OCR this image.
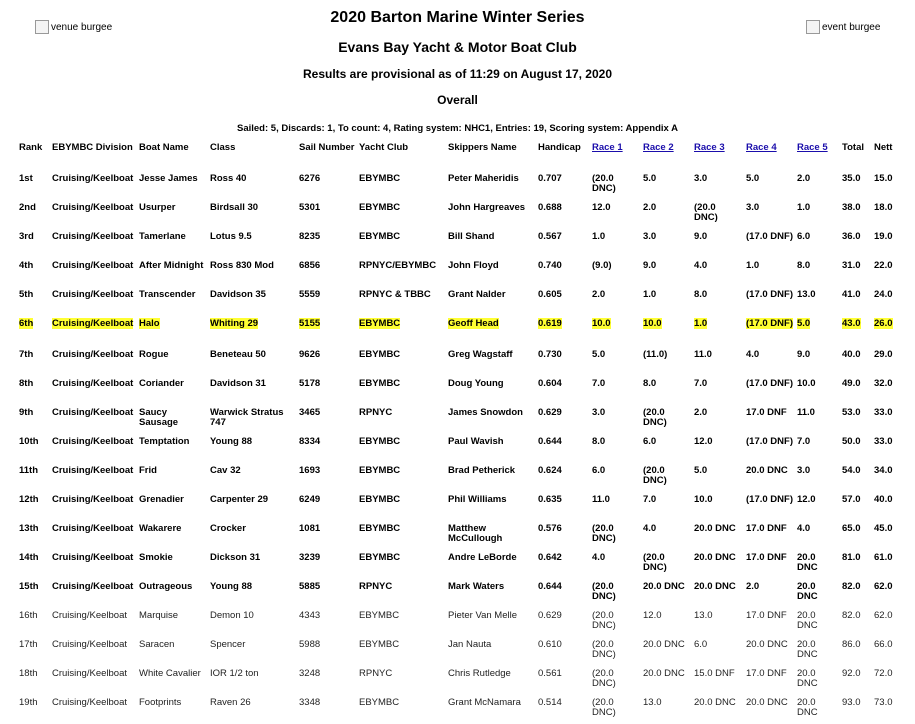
venue burgee	event burgee
2020 Barton Marine Winter Series
Evans Bay Yacht & Motor Boat Club
Results are provisional as of 11:29 on August 17, 2020
Overall
Sailed: 5, Discards: 1, To count: 4, Rating system: NHC1, Entries: 19, Scoring system: Appendix A
Rank	EBYMBC Division	Boat Name	Class	Sail Number	Yacht Club	Skippers Name	Handicap	Race 1	Race 2	Race 3	Race 4	Race 5	Total	Nett
1st	Cruising/Keelboat	Jesse James	Ross 40	6276	EBYMBC	Peter Maheridis	0.707	(20.0 DNC)	5.0	3.0	5.0	2.0	35.0	15.0
2nd	Cruising/Keelboat	Usurper	Birdsall 30	5301	EBYMBC	John Hargreaves	0.688	12.0	2.0	(20.0 DNC)	3.0	1.0	38.0	18.0
3rd	Cruising/Keelboat	Tamerlane	Lotus 9.5	8235	EBYMBC	Bill Shand	0.567	1.0	3.0	9.0	(17.0 DNF)	6.0	36.0	19.0
4th	Cruising/Keelboat	After Midnight	Ross 830 Mod	6856	RPNYC/EBYMBC	John Floyd	0.740	(9.0)	9.0	4.0	1.0	8.0	31.0	22.0
5th	Cruising/Keelboat	Transcender	Davidson 35	5559	RPNYC & TBBC	Grant Nalder	0.605	2.0	1.0	8.0	(17.0 DNF)	13.0	41.0	24.0
6th	Cruising/Keelboat	Halo	Whiting 29	5155	EBYMBC	Geoff Head	0.619	10.0	10.0	1.0	(17.0 DNF)	5.0	43.0	26.0
7th	Cruising/Keelboat	Rogue	Beneteau 50	9626	EBYMBC	Greg Wagstaff	0.730	5.0	(11.0)	11.0	4.0	9.0	40.0	29.0
8th	Cruising/Keelboat	Coriander	Davidson 31	5178	EBYMBC	Doug Young	0.604	7.0	8.0	7.0	(17.0 DNF)	10.0	49.0	32.0
9th	Cruising/Keelboat	Saucy Sausage	Warwick Stratus 747	3465	RPNYC	James Snowdon	0.629	3.0	(20.0 DNC)	2.0	17.0 DNF	11.0	53.0	33.0
10th	Cruising/Keelboat	Temptation	Young 88	8334	EBYMBC	Paul Wavish	0.644	8.0	6.0	12.0	(17.0 DNF)	7.0	50.0	33.0
11th	Cruising/Keelboat	Frid	Cav 32	1693	EBYMBC	Brad Petherick	0.624	6.0	(20.0 DNC)	5.0	20.0 DNC	3.0	54.0	34.0
12th	Cruising/Keelboat	Grenadier	Carpenter 29	6249	EBYMBC	Phil Williams	0.635	11.0	7.0	10.0	(17.0 DNF)	12.0	57.0	40.0
13th	Cruising/Keelboat	Wakarere	Crocker	1081	EBYMBC	Matthew McCullough	0.576	(20.0 DNC)	4.0	20.0 DNC	17.0 DNF	4.0	65.0	45.0
14th	Cruising/Keelboat	Smokie	Dickson 31	3239	EBYMBC	Andre LeBorde	0.642	4.0	(20.0 DNC)	20.0 DNC	17.0 DNF	20.0 DNC	81.0	61.0
15th	Cruising/Keelboat	Outrageous	Young 88	5885	RPNYC	Mark Waters	0.644	(20.0 DNC)	20.0 DNC	20.0 DNC	2.0	20.0 DNC	82.0	62.0
16th	Cruising/Keelboat	Marquise	Demon 10	4343	EBYMBC	Pieter Van Melle	0.629	(20.0 DNC)	12.0	13.0	17.0 DNF	20.0 DNC	82.0	62.0
17th	Cruising/Keelboat	Saracen	Spencer	5988	EBYMBC	Jan Nauta	0.610	(20.0 DNC)	20.0 DNC	6.0	20.0 DNC	20.0 DNC	86.0	66.0
18th	Cruising/Keelboat	White Cavalier	IOR 1/2 ton	3248	RPNYC	Chris Rutledge	0.561	(20.0 DNC)	20.0 DNC	15.0 DNF	17.0 DNF	20.0 DNC	92.0	72.0
19th	Cruising/Keelboat	Footprints	Raven 26	3348	EBYMBC	Grant McNamara	0.514	(20.0 DNC)	13.0	20.0 DNC	20.0 DNC	20.0 DNC	93.0	73.0
